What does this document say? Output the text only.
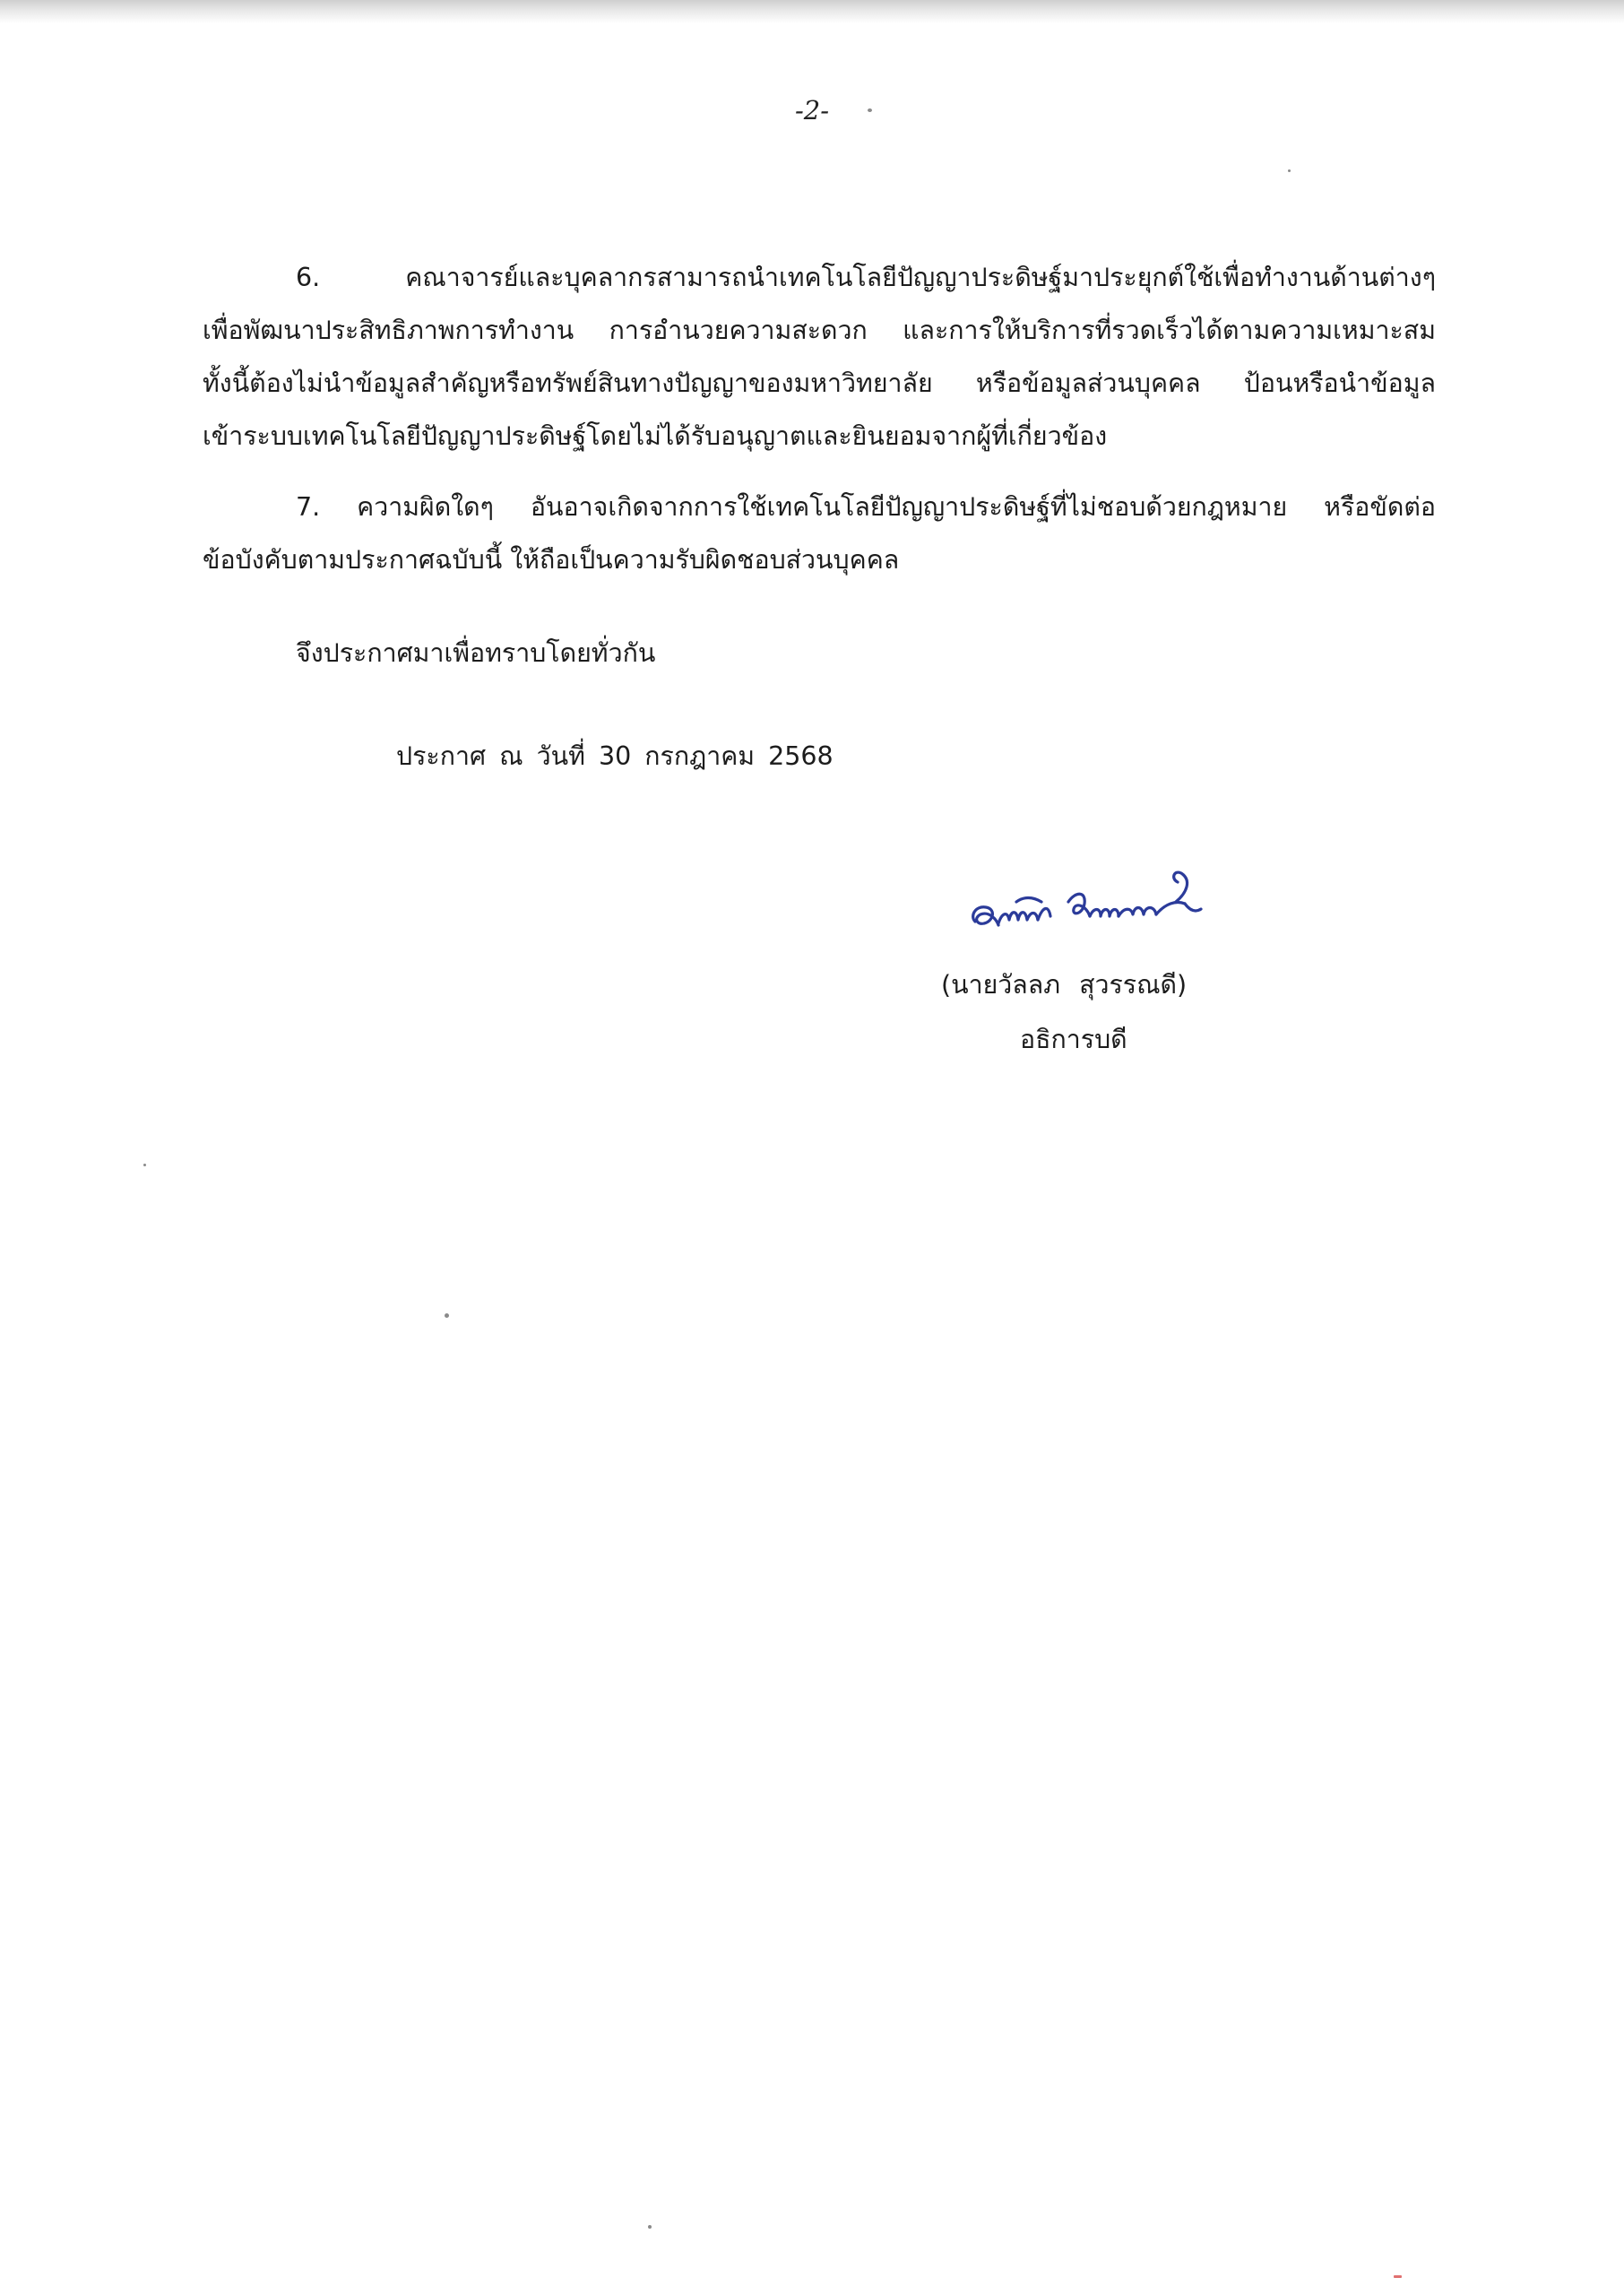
-2-

6. คณาจารย์และบุคลากรสามารถนำเทคโนโลยีปัญญาประดิษฐ์มาประยุกต์ใช้เพื่อทำงานด้านต่างๆ
เพื่อพัฒนาประสิทธิภาพการทำงาน การอำนวยความสะดวก และการให้บริการที่รวดเร็วได้ตามความเหมาะสม
ทั้งนี้ต้องไม่นำข้อมูลสำคัญหรือทรัพย์สินทางปัญญาของมหาวิทยาลัย หรือข้อมูลส่วนบุคคล ป้อนหรือนำข้อมูล
เข้าระบบเทคโนโลยีปัญญาประดิษฐ์โดยไม่ได้รับอนุญาตและยินยอมจากผู้ที่เกี่ยวข้อง

7. ความผิดใดๆ อันอาจเกิดจากการใช้เทคโนโลยีปัญญาประดิษฐ์ที่ไม่ชอบด้วยกฎหมาย หรือขัดต่อ
ข้อบังคับตามประกาศฉบับนี้ ให้ถือเป็นความรับผิดชอบส่วนบุคคล

จึงประกาศมาเพื่อทราบโดยทั่วกัน
ประกาศ ณ วันที่ 30 กรกฎาคม 2568
(นายวัลลภ สุวรรณดี)
อธิการบดี
